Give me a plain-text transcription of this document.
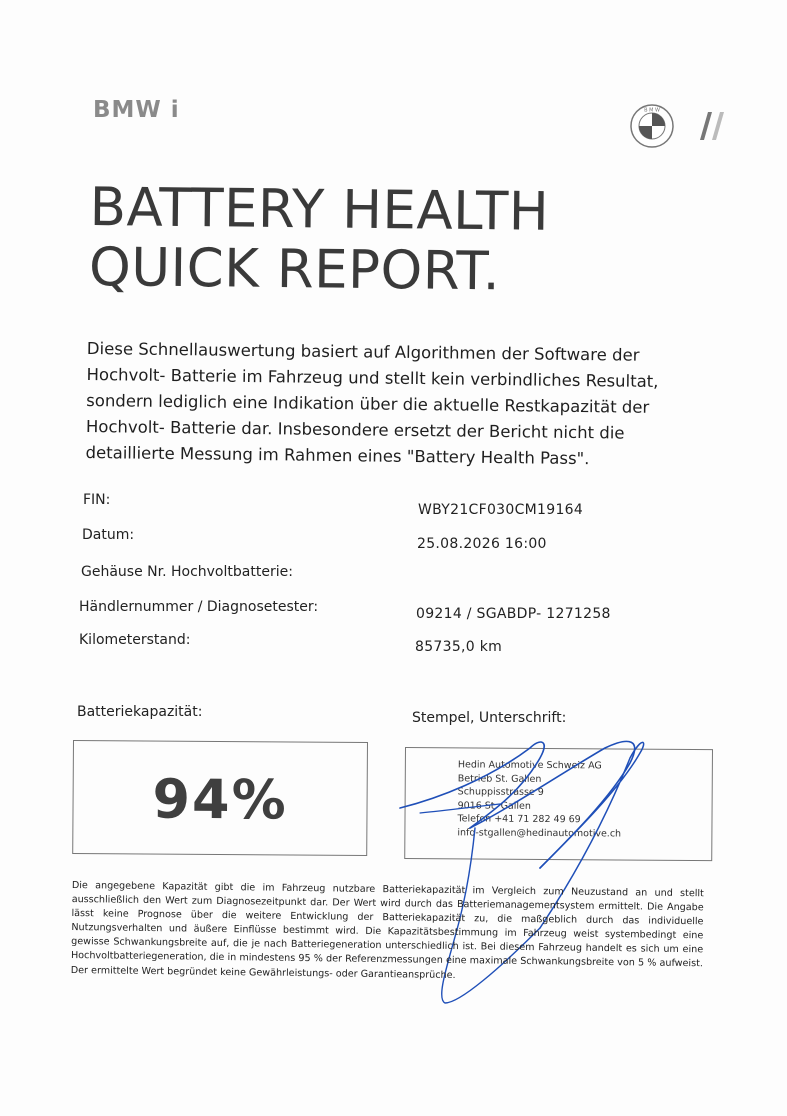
BMW i	B M W
BATTERY HEALTH
QUICK REPORT.
Diese Schnellauswertung basiert auf Algorithmen der Software der Hochvolt- Batterie im Fahrzeug und stellt kein verbindliches Resultat, sondern lediglich eine Indikation über die aktuelle Restkapazität der Hochvolt- Batterie dar. Insbesondere ersetzt der Bericht nicht die detaillierte Messung im Rahmen eines "Battery Health Pass".
FIN:
WBY21CF030CM19164
Datum:
25.08.2026 16:00
Gehäuse Nr. Hochvoltbatterie:
Händlernummer / Diagnosetester:	09214 / SGABDP- 1271258
Kilometerstand:	85735,0 km
Batteriekapazität:	Stempel, Unterschrift:
94%
Hedin Automotive Schweiz AG
Betrieb St. Gallen
Schuppisstrasse 9
9016 St. Gallen
Telefon +41 71 282 49 69
info-stgallen@hedinautomotive.ch
Die angegebene Kapazität gibt die im Fahrzeug nutzbare Batteriekapazität im Vergleich zum Neuzustand an und stellt ausschließlich den Wert zum Diagnosezeitpunkt dar. Der Wert wird durch das Batteriemanagementsystem ermittelt. Die Angabe lässt keine Prognose über die weitere Entwicklung der Batteriekapazität zu, die maßgeblich durch das individuelle Nutzungsverhalten und äußere Einflüsse bestimmt wird. Die Kapazitätsbestimmung im Fahrzeug weist systembedingt eine gewisse Schwankungsbreite auf, die je nach Batteriegeneration unterschiedlich ist. Bei diesem Fahrzeug handelt es sich um eine Hochvoltbatteriegeneration, die in mindestens 95 % der Referenzmessungen eine maximale Schwankungsbreite von 5 % aufweist. Der ermittelte Wert begründet keine Gewährleistungs- oder Garantieansprüche.
